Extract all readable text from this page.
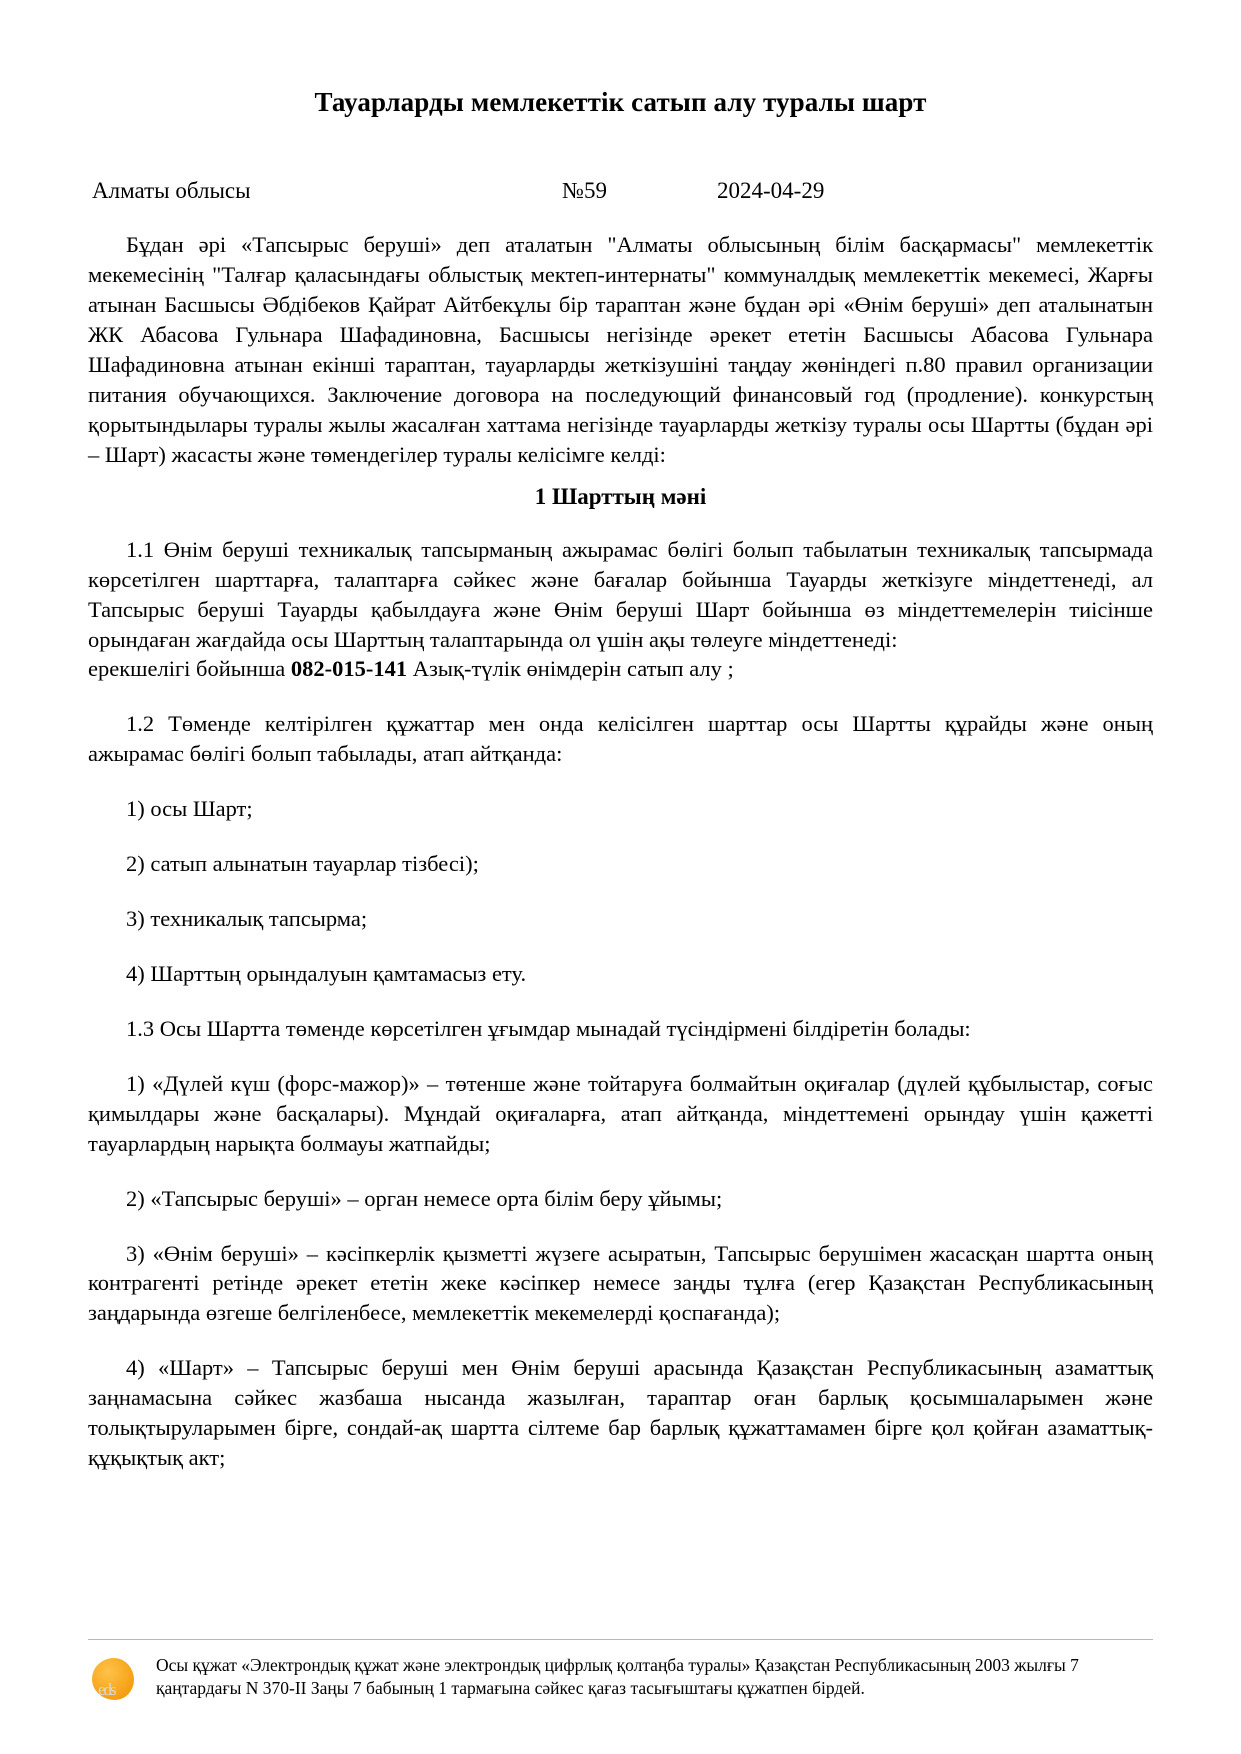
Тауарларды мемлекеттік сатып алу туралы шарт
Алматы облысы	№59	2024-04-29

Бұдан әрі «Тапсырыс беруші» деп аталатын "Алматы облысының білім басқармасы" мемлекеттік мекемесінің "Талғар қаласындағы облыстық мектеп-интернаты" коммуналдық мемлекеттік мекемесі, Жарғы атынан Басшысы Әбдібеков Қайрат Айтбекұлы бір тараптан және бұдан әрі «Өнім беруші» деп аталынатын ЖК Абасова Гульнара Шафадиновна, Басшысы негізінде әрекет ететін Басшысы Абасова Гульнара Шафадиновна атынан екінші тараптан, тауарларды жеткізушіні таңдау жөніндегі п.80 правил организации питания обучающихся. Заключение договора на последующий финансовый год (продление). конкурстың қорытындылары туралы жылы жасалған хаттама негізінде тауарларды жеткізу туралы осы Шартты (бұдан әрі – Шарт) жасасты және төмендегілер туралы келісімге келді:

1 Шарттың мәні

1.1 Өнім беруші техникалық тапсырманың ажырамас бөлігі болып табылатын техникалық тапсырмада көрсетілген шарттарға, талаптарға сәйкес және бағалар бойынша Тауарды жеткізуге міндеттенеді, ал Тапсырыс беруші Тауарды қабылдауға және Өнім беруші Шарт бойынша өз міндеттемелерін тиісінше орындаған жағдайда осы Шарттың талаптарында ол үшін ақы төлеуге міндеттенеді:

ерекшелігі бойынша 082-015-141 Азық-түлік өнімдерін сатып алу ;

1.2 Төменде келтірілген құжаттар мен онда келісілген шарттар осы Шартты құрайды және оның ажырамас бөлігі болып табылады, атап айтқанда:

1) осы Шарт;

2) сатып алынатын тауарлар тізбесі);

3) техникалық тапсырма;

4) Шарттың орындалуын қамтамасыз ету.

1.3 Осы Шартта төменде көрсетілген ұғымдар мынадай түсіндірмені білдіретін болады:

1) «Дүлей күш (форс-мажор)» – төтенше және тойтаруға болмайтын оқиғалар (дүлей құбылыстар, соғыс қимылдары және басқалары). Мұндай оқиғаларға, атап айтқанда, міндеттемені орындау үшін қажетті тауарлардың нарықта болмауы жатпайды;

2) «Тапсырыс беруші» – орган немесе орта білім беру ұйымы;

3) «Өнім беруші» – кәсіпкерлік қызметті жүзеге асыратын, Тапсырыс берушімен жасасқан шартта оның контрагенті ретінде әрекет ететін жеке кәсіпкер немесе заңды тұлға (егер Қазақстан Республикасының заңдарында өзгеше белгіленбесе, мемлекеттік мекемелерді қоспағанда);

4) «Шарт» – Тапсырыс беруші мен Өнім беруші арасында Қазақстан Республикасының азаматтық заңнамасына сәйкес жазбаша нысанда жазылған, тараптар оған барлық қосымшаларымен және толықтыруларымен бірге, сондай-ақ шартта сілтеме бар барлық құжаттамамен бірге қол қойған азаматтық-құқықтық акт;

eds
Осы құжат «Электрондық құжат және электрондық цифрлық қолтаңба туралы» Қазақстан Республикасының 2003 жылғы 7 қаңтардағы N 370-II Заңы 7 бабының 1 тармағына сәйкес қағаз тасығыштағы құжатпен бірдей.
